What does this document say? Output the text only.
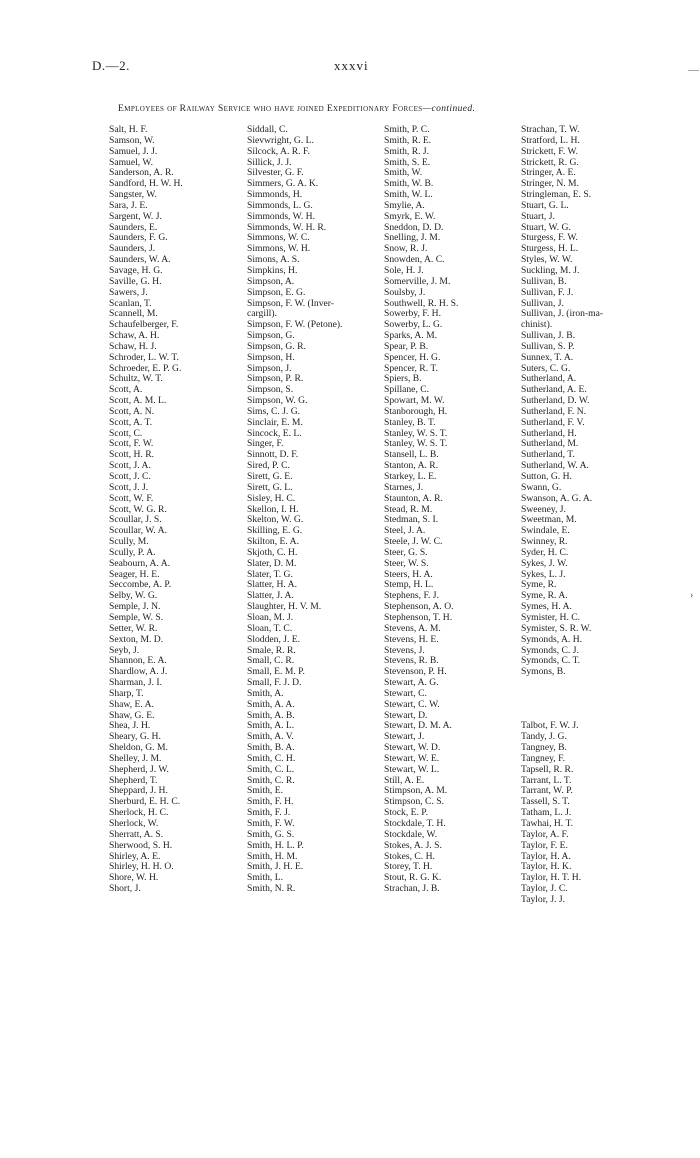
D.—2.	xxxvi	—
›
Employees of Railway Service who have joined Expeditionary Forces—continued.
Salt, H. F.
Samson, W.
Samuel, J. J.
Samuel, W.
Sanderson, A. R.
Sandford, H. W. H.
Sangster, W.
Sara, J. E.
Sargent, W. J.
Saunders, E.
Saunders, F. G.
Saunders, J.
Saunders, W. A.
Savage, H. G.
Saville, G. H.
Sawers, J.
Scanlan, T.
Scannell, M.
Schaufelberger, F.
Schaw, A. H.
Schaw, H. J.
Schroder, L. W. T.
Schroeder, E. P. G.
Schultz, W. T.
Scott, A.
Scott, A. M. L.
Scott, A. N.
Scott, A. T.
Scott, C.
Scott, F. W.
Scott, H. R.
Scott, J. A.
Scott, J. C.
Scott, J. J.
Scott, W. F.
Scott, W. G. R.
Scoullar, J. S.
Scoullar, W. A.
Scully, M.
Scully, P. A.
Seabourn, A. A.
Seager, H. E.
Seccombe, A. P.
Selby, W. G.
Semple, J. N.
Semple, W. S.
Setter, W. R.
Sexton, M. D.
Seyb, J.
Shannon, E. A.
Shardlow, A. J.
Sharman, J. I.
Sharp, T.
Shaw, E. A.
Shaw, G. E.
Shea, J. H.
Sheary, G. H.
Sheldon, G. M.
Shelley, J. M.
Shepherd, J. W.
Shepherd, T.
Sheppard, J. H.
Sherburd, E. H. C.
Sherlock, H. C.
Sherlock, W.
Sherratt, A. S.
Sherwood, S. H.
Shirley, A. E.
Shirley, H. H. O.
Shore, W. H.
Short, J.
Siddall, C.
Sievwright, G. L.
Silcock, A. R. F.
Sillick, J. J.
Silvester, G. F.
Simmers, G. A. K.
Simmonds, H.
Simmonds, L. G.
Simmonds, W. H.
Simmonds, W. H. R.
Simmons, W. C.
Simmons, W. H.
Simons, A. S.
Simpkins, H.
Simpson, A.
Simpson, E. G.
Simpson, F. W. (Inver-
cargill).
Simpson, F. W. (Petone).
Simpson, G.
Simpson, G. R.
Simpson, H.
Simpson, J.
Simpson, P. R.
Simpson, S.
Simpson, W. G.
Sims, C. J. G.
Sinclair, E. M.
Sincock, E. L.
Singer, F.
Sinnott, D. F.
Sired, P. C.
Sirett, G. E.
Sirett, G. L.
Sisley, H. C.
Skellon, I. H.
Skelton, W. G.
Skilling, E. G.
Skilton, E. A.
Skjoth, C. H.
Slater, D. M.
Slater, T. G.
Slatter, H. A.
Slatter, J. A.
Slaughter, H. V. M.
Sloan, M. J.
Sloan, T. C.
Slodden, J. E.
Smale, R. R.
Small, C. R.
Small, E. M. P.
Small, F. J. D.
Smith, A.
Smith, A. A.
Smith, A. B.
Smith, A. L.
Smith, A. V.
Smith, B. A.
Smith, C. H.
Smith, C. L.
Smith, C. R.
Smith, E.
Smith, F. H.
Smith, F. J.
Smith, F. W.
Smith, G. S.
Smith, H. L. P.
Smith, H. M.
Smith, J. H. E.
Smith, L.
Smith, N. R.
Smith, P. C.
Smith, R. E.
Smith, R. J.
Smith, S. E.
Smith, W.
Smith, W. B.
Smith, W. L.
Smylie, A.
Smyrk, E. W.
Sneddon, D. D.
Snelling, J. M.
Snow, R. J.
Snowden, A. C.
Sole, H. J.
Somerville, J. M.
Soulsby, J.
Southwell, R. H. S.
Sowerby, F. H.
Sowerby, L. G.
Sparks, A. M.
Spear, P. B.
Spencer, H. G.
Spencer, R. T.
Spiers, B.
Spillane, C.
Spowart, M. W.
Stanborough, H.
Stanley, B. T.
Stanley, W. S. T.
Stanley, W. S. T.
Stansell, L. B.
Stanton, A. R.
Starkey, L. E.
Starnes, J.
Staunton, A. R.
Stead, R. M.
Stedman, S. I.
Steel, J. A.
Steele, J. W. C.
Steer, G. S.
Steer, W. S.
Steers, H. A.
Stemp, H. L.
Stephens, F. J.
Stephenson, A. O.
Stephenson, T. H.
Stevens, A. M.
Stevens, H. E.
Stevens, J.
Stevens, R. B.
Stevenson, P. H.
Stewart, A. G.
Stewart, C.
Stewart, C. W.
Stewart, D.
Stewart, D. M. A.
Stewart, J.
Stewart, W. D.
Stewart, W. E.
Stewart, W. L.
Still, A. E.
Stimpson, A. M.
Stimpson, C. S.
Stock, E. P.
Stockdale, T. H.
Stockdale, W.
Stokes, A. J. S.
Stokes, C. H.
Storey, T. H.
Stout, R. G. K.
Strachan, J. B.
Strachan, T. W.
Stratford, L. H.
Strickett, F. W.
Strickett, R. G.
Stringer, A. E.
Stringer, N. M.
Stringleman, E. S.
Stuart, G. L.
Stuart, J.
Stuart, W. G.
Sturgess, F. W.
Sturgess, H. L.
Styles, W. W.
Suckling, M. J.
Sullivan, B.
Sullivan, F. J.
Sullivan, J.
Sullivan, J. (iron-ma-
chinist).
Sullivan, J. B.
Sullivan, S. P.
Sunnex, T. A.
Suters, C. G.
Sutherland, A.
Sutherland, A. E.
Sutherland, D. W.
Sutherland, F. N.
Sutherland, F. V.
Sutherland, H.
Sutherland, M.
Sutherland, T.
Sutherland, W. A.
Sutton, G. H.
Swann, G.
Swanson, A. G. A.
Sweeney, J.
Sweetman, M.
Swindale, E.
Swinney, R.
Syder, H. C.
Sykes, J. W.
Sykes, L. J.
Syme, R.
Syme, R. A.
Symes, H. A.
Symister, H. C.
Symister, S. R. W.
Symonds, A. H.
Symonds, C. J.
Symonds, C. T.
Symons, B.
Talbot, F. W. J.
Tandy, J. G.
Tangney, B.
Tangney, F.
Tapsell, R. R.
Tarrant, L. T.
Tarrant, W. P.
Tassell, S. T.
Tatham, L. J.
Tawhai, H. T.
Taylor, A. F.
Taylor, F. E.
Taylor, H. A.
Taylor, H. K.
Taylor, H. T. H.
Taylor, J. C.
Taylor, J. J.
